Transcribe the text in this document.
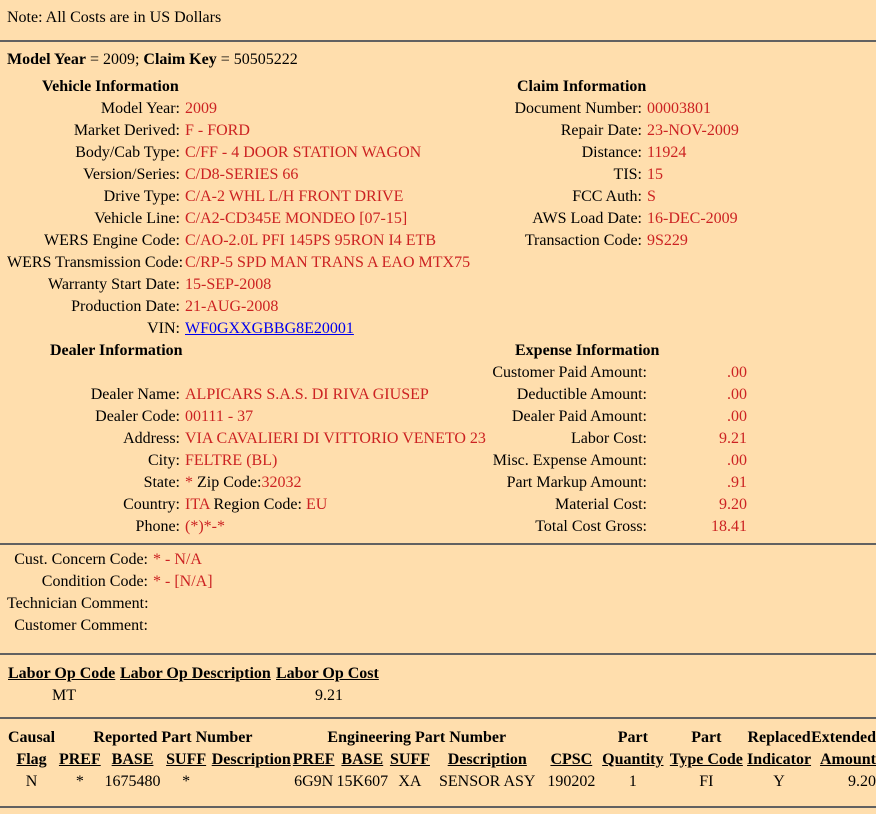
Note: All Costs are in US Dollars
Model Year = 2009; Claim Key = 50505222
Vehicle Information
Model Year: 2009
Market Derived: F - FORD
Body/Cab Type: C/FF - 4 DOOR STATION WAGON
Version/Series: C/D8-SERIES 66
Drive Type: C/A-2 WHL L/H FRONT DRIVE
Vehicle Line: C/A2-CD345E MONDEO [07-15]
WERS Engine Code: C/AO-2.0L PFI 145PS 95RON I4 ETB
WERS Transmission Code: C/RP-5 SPD MAN TRANS A EAO MTX75
Warranty Start Date: 15-SEP-2008
Production Date: 21-AUG-2008
VIN: WF0GXXGBBG8E20001
Claim Information
Document Number: 00003801
Repair Date: 23-NOV-2009
Distance: 11924
TIS: 15
FCC Auth: S
AWS Load Date: 16-DEC-2009
Transaction Code: 9S229
Dealer Information
Dealer Name: ALPICARS S.A.S. DI RIVA GIUSEP
Dealer Code: 00111 - 37
Address: VIA CAVALIERI DI VITTORIO VENETO 23
City: FELTRE (BL)
State: * Zip Code:32032
Country: ITA Region Code: EU
Phone: (*)*-*
Expense Information
Customer Paid Amount:	.00
Deductible Amount:	.00
Dealer Paid Amount:	.00
Labor Cost:	9.21
Misc. Expense Amount:	.00
Part Markup Amount:	.91
Material Cost:	9.20
Total Cost Gross:	18.41
Cust. Concern Code: * - N/A
Condition Code: * - [N/A]
Technician Comment:
Customer Comment:
Labor Op Code	Labor Op Description	Labor Op Cost
MT		9.21
Causal	Reported Part Number				Engineering Part Number					Part	Part	Replaced	Extended
Flag	PREF	BASE	SUFF	Description	PREF	BASE	SUFF	Description	CPSC	Quantity	Type Code	Indicator	Amount
N	*	1675480	*		6G9N	15K607	XA	SENSOR ASY	190202	1	FI	Y	9.20
